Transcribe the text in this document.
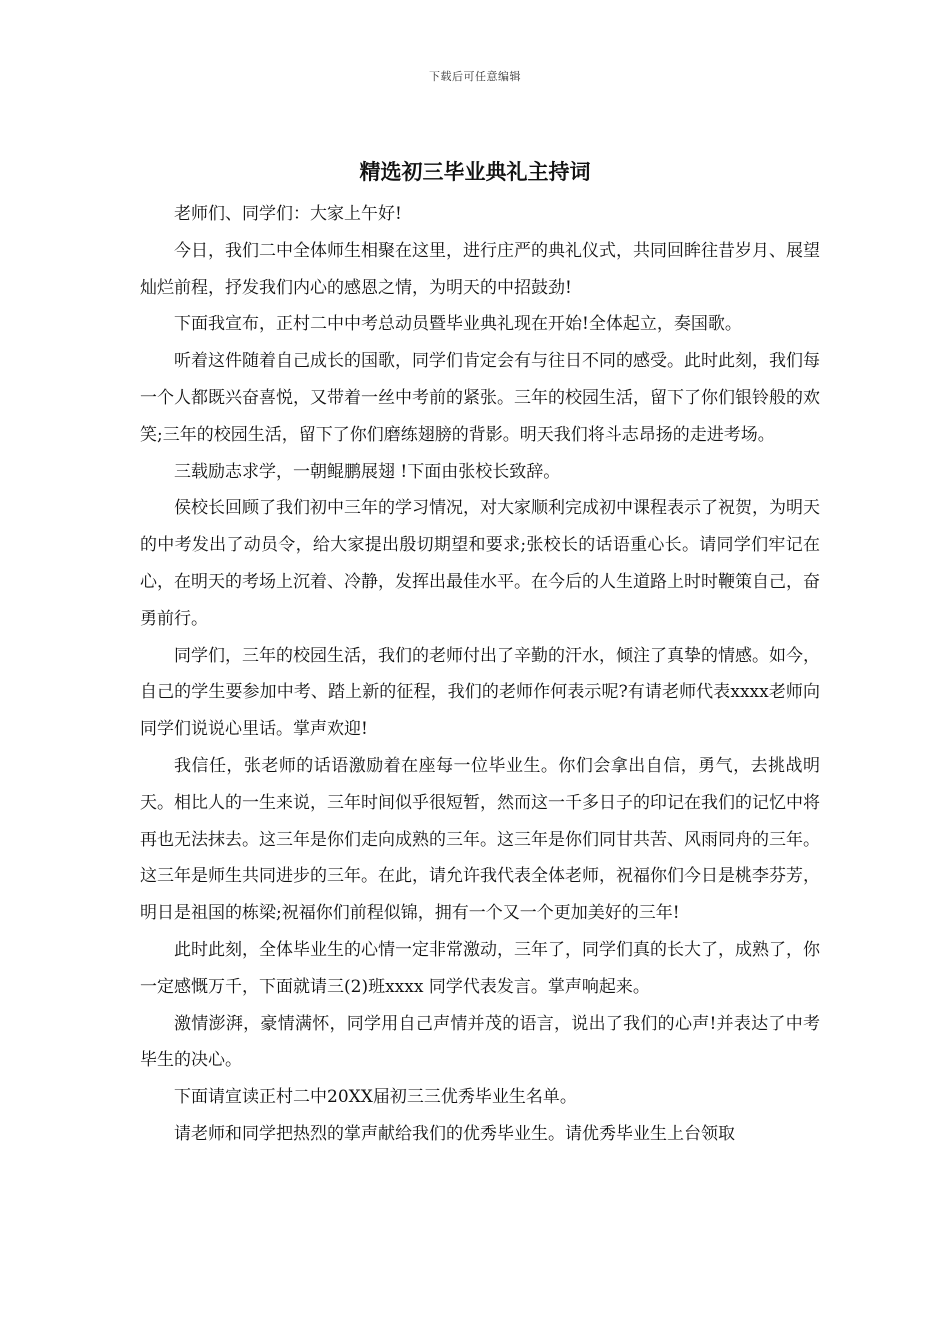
下载后可任意编辑
精选初三毕业典礼主持词

老师们、同学们：大家上午好!

今日，我们二中全体师生相聚在这里，进行庄严的典礼仪式，共同回眸往昔岁月、展望灿烂前程，抒发我们内心的感恩之情，为明天的中招鼓劲!

下面我宣布，正村二中中考总动员暨毕业典礼现在开始!全体起立，奏国歌。

听着这件随着自己成长的国歌，同学们肯定会有与往日不同的感受。此时此刻，我们每一个人都既兴奋喜悦，又带着一丝中考前的紧张。三年的校园生活，留下了你们银铃般的欢笑;三年的校园生活，留下了你们磨练翅膀的背影。明天我们将斗志昂扬的走进考场。

三载励志求学，一朝鲲鹏展翅 !下面由张校长致辞。

侯校长回顾了我们初中三年的学习情况，对大家顺利完成初中课程表示了祝贺，为明天的中考发出了动员令，给大家提出殷切期望和要求;张校长的话语重心长。请同学们牢记在心，在明天的考场上沉着、冷静，发挥出最佳水平。在今后的人生道路上时时鞭策自己，奋勇前行。

同学们，三年的校园生活，我们的老师付出了辛勤的汗水，倾注了真挚的情感。如今，自己的学生要参加中考、踏上新的征程，我们的老师作何表示呢?有请老师代表xxxx老师向同学们说说心里话。掌声欢迎!

我信任，张老师的话语激励着在座每一位毕业生。你们会拿出自信，勇气，去挑战明天。相比人的一生来说，三年时间似乎很短暂，然而这一千多日子的印记在我们的记忆中将再也无法抹去。这三年是你们走向成熟的三年。这三年是你们同甘共苦、风雨同舟的三年。 这三年是师生共同进步的三年。在此，请允许我代表全体老师，祝福你们今日是桃李芬芳，明日是祖国的栋梁;祝福你们前程似锦，拥有一个又一个更加美好的三年!

此时此刻，全体毕业生的心情一定非常激动，三年了，同学们真的长大了，成熟了，你一定感慨万千，下面就请三(2)班xxxx 同学代表发言。掌声响起来。

激情澎湃，豪情满怀，同学用自己声情并茂的语言，说出了我们的心声!并表达了中考毕生的决心。

下面请宣读正村二中20XX届初三三优秀毕业生名单。

请老师和同学把热烈的掌声献给我们的优秀毕业生。请优秀毕业生上台领取
